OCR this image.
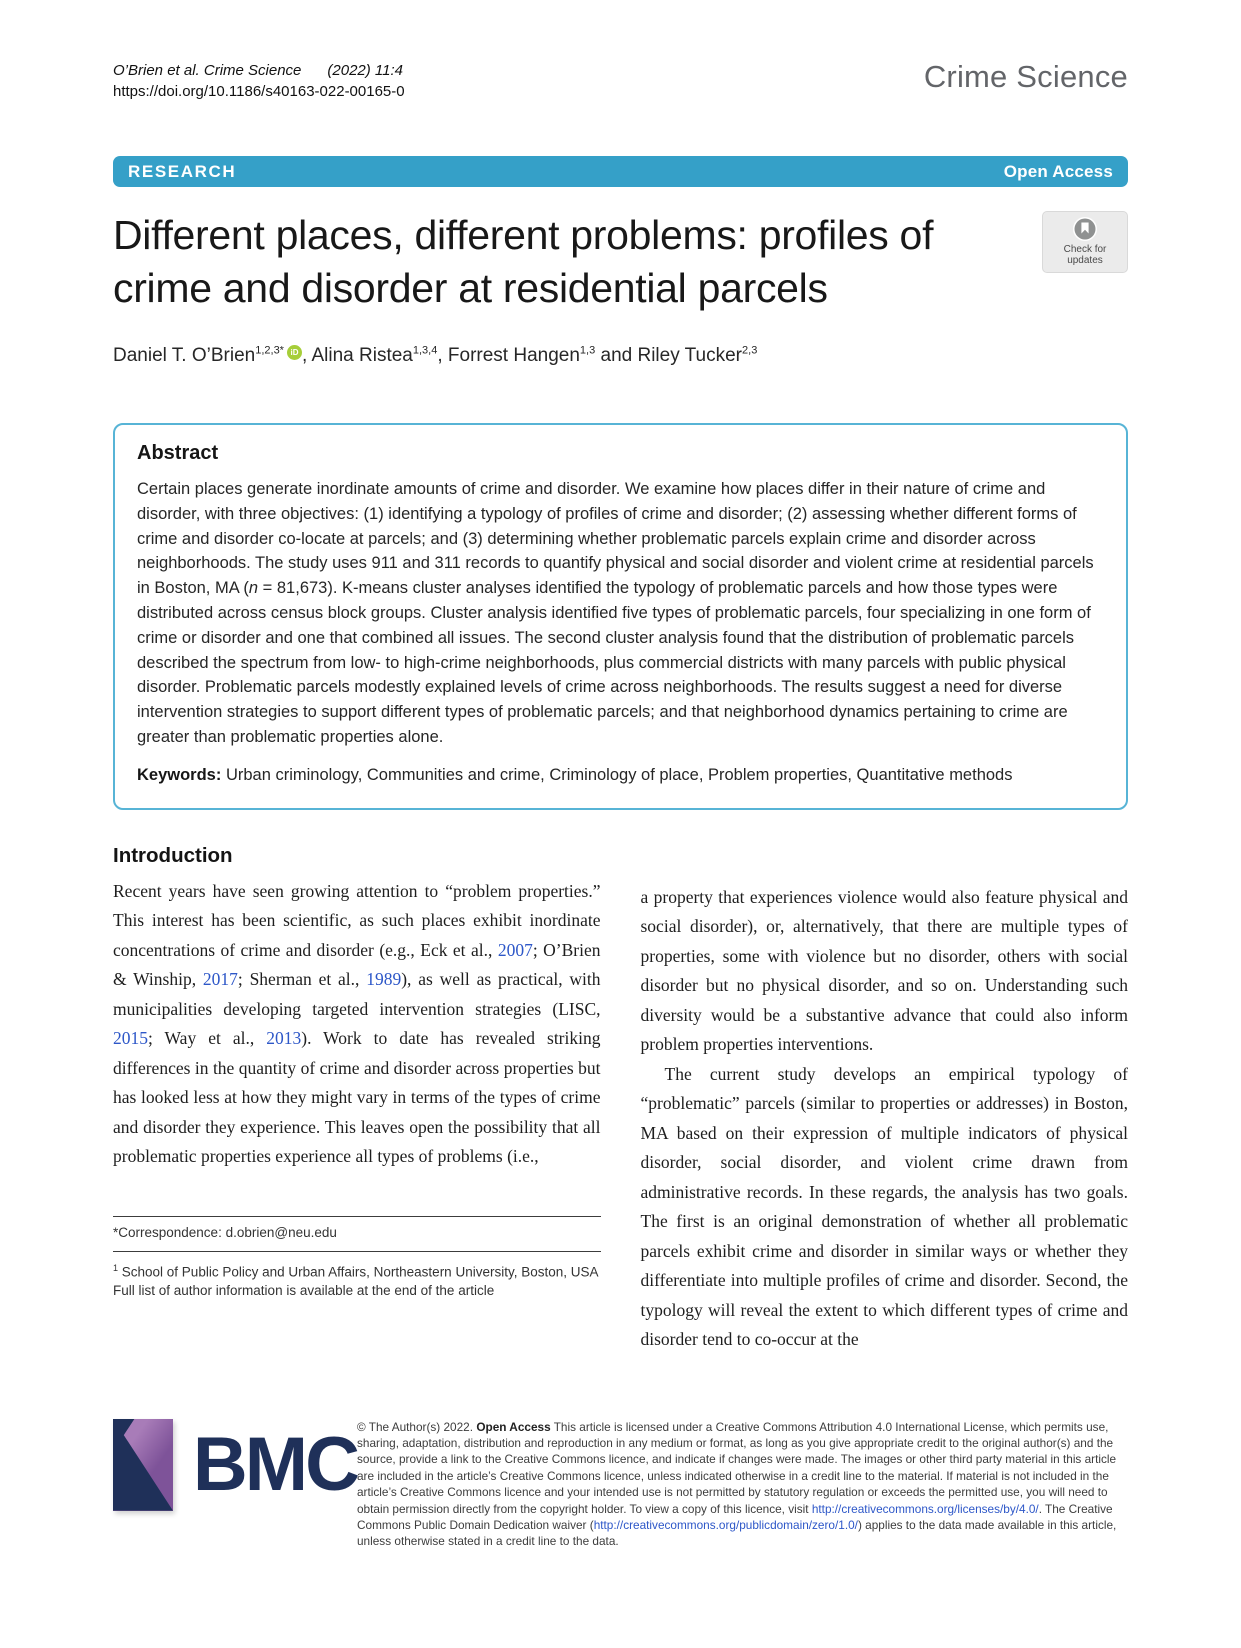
O’Brien et al. Crime Science (2022) 11:4
https://doi.org/10.1186/s40163-022-00165-0	Crime Science
RESEARCH	Open Access
Different places, different problems: profiles of crime and disorder at residential parcels
Check for
updates
Daniel T. O’Brien$^{1,2,3*}$ iD , Alina Ristea$^{1,3,4}$, Forrest Hangen$^{1,3}$ and Riley Tucker$^{2,3}$
Abstract
Certain places generate inordinate amounts of crime and disorder. We examine how places differ in their nature of crime and disorder, with three objectives: (1) identifying a typology of profiles of crime and disorder; (2) assessing whether different forms of crime and disorder co-locate at parcels; and (3) determining whether problematic parcels explain crime and disorder across neighborhoods. The study uses 911 and 311 records to quantify physical and social disorder and violent crime at residential parcels in Boston, MA (n = 81,673). K-means cluster analyses identified the typology of problematic parcels and how those types were distributed across census block groups. Cluster analysis identified five types of problematic parcels, four specializing in one form of crime or disorder and one that combined all issues. The second cluster analysis found that the distribution of problematic parcels described the spectrum from low- to high-crime neighborhoods, plus commercial districts with many parcels with public physical disorder. Problematic parcels modestly explained levels of crime across neighborhoods. The results suggest a need for diverse intervention strategies to support different types of problematic parcels; and that neighborhood dynamics pertaining to crime are greater than problematic properties alone.
Keywords: Urban criminology, Communities and crime, Criminology of place, Problem properties, Quantitative methods
Introduction

Recent years have seen growing attention to “problem properties.” This interest has been scientific, as such places exhibit inordinate concentrations of crime and disorder (e.g., Eck et al., 2007; O’Brien & Winship, 2017; Sherman et al., 1989), as well as practical, with municipalities developing targeted intervention strategies (LISC, 2015; Way et al., 2013). Work to date has revealed striking differences in the quantity of crime and disorder across properties but has looked less at how they might vary in terms of the types of crime and disorder they experience. This leaves open the possibility that all problematic properties experience all types of problems (i.e.,

*Correspondence: d.obrien@neu.edu
$^1$ School of Public Policy and Urban Affairs, Northeastern University, Boston, USA
Full list of author information is available at the end of the article

a property that experiences violence would also feature physical and social disorder), or, alternatively, that there are multiple types of properties, some with violence but no disorder, others with social disorder but no physical disorder, and so on. Understanding such diversity would be a substantive advance that could also inform problem properties interventions.

The current study develops an empirical typology of “problematic” parcels (similar to properties or addresses) in Boston, MA based on their expression of multiple indicators of physical disorder, social disorder, and violent crime drawn from administrative records. In these regards, the analysis has two goals. The first is an original demonstration of whether all problematic parcels exhibit crime and disorder in similar ways or whether they differentiate into multiple profiles of crime and disorder. Second, the typology will reveal the extent to which different types of crime and disorder tend to co-occur at the

BMC © The Author(s) 2022. Open Access This article is licensed under a Creative Commons Attribution 4.0 International License, which permits use, sharing, adaptation, distribution and reproduction in any medium or format, as long as you give appropriate credit to the original author(s) and the source, provide a link to the Creative Commons licence, and indicate if changes were made. The images or other third party material in this article are included in the article’s Creative Commons licence, unless indicated otherwise in a credit line to the material. If material is not included in the article’s Creative Commons licence and your intended use is not permitted by statutory regulation or exceeds the permitted use, you will need to obtain permission directly from the copyright holder. To view a copy of this licence, visit http://creativecommons.org/licenses/by/4.0/. The Creative Commons Public Domain Dedication waiver (http://creativecommons.org/publicdomain/zero/1.0/) applies to the data made available in this article, unless otherwise stated in a credit line to the data.
